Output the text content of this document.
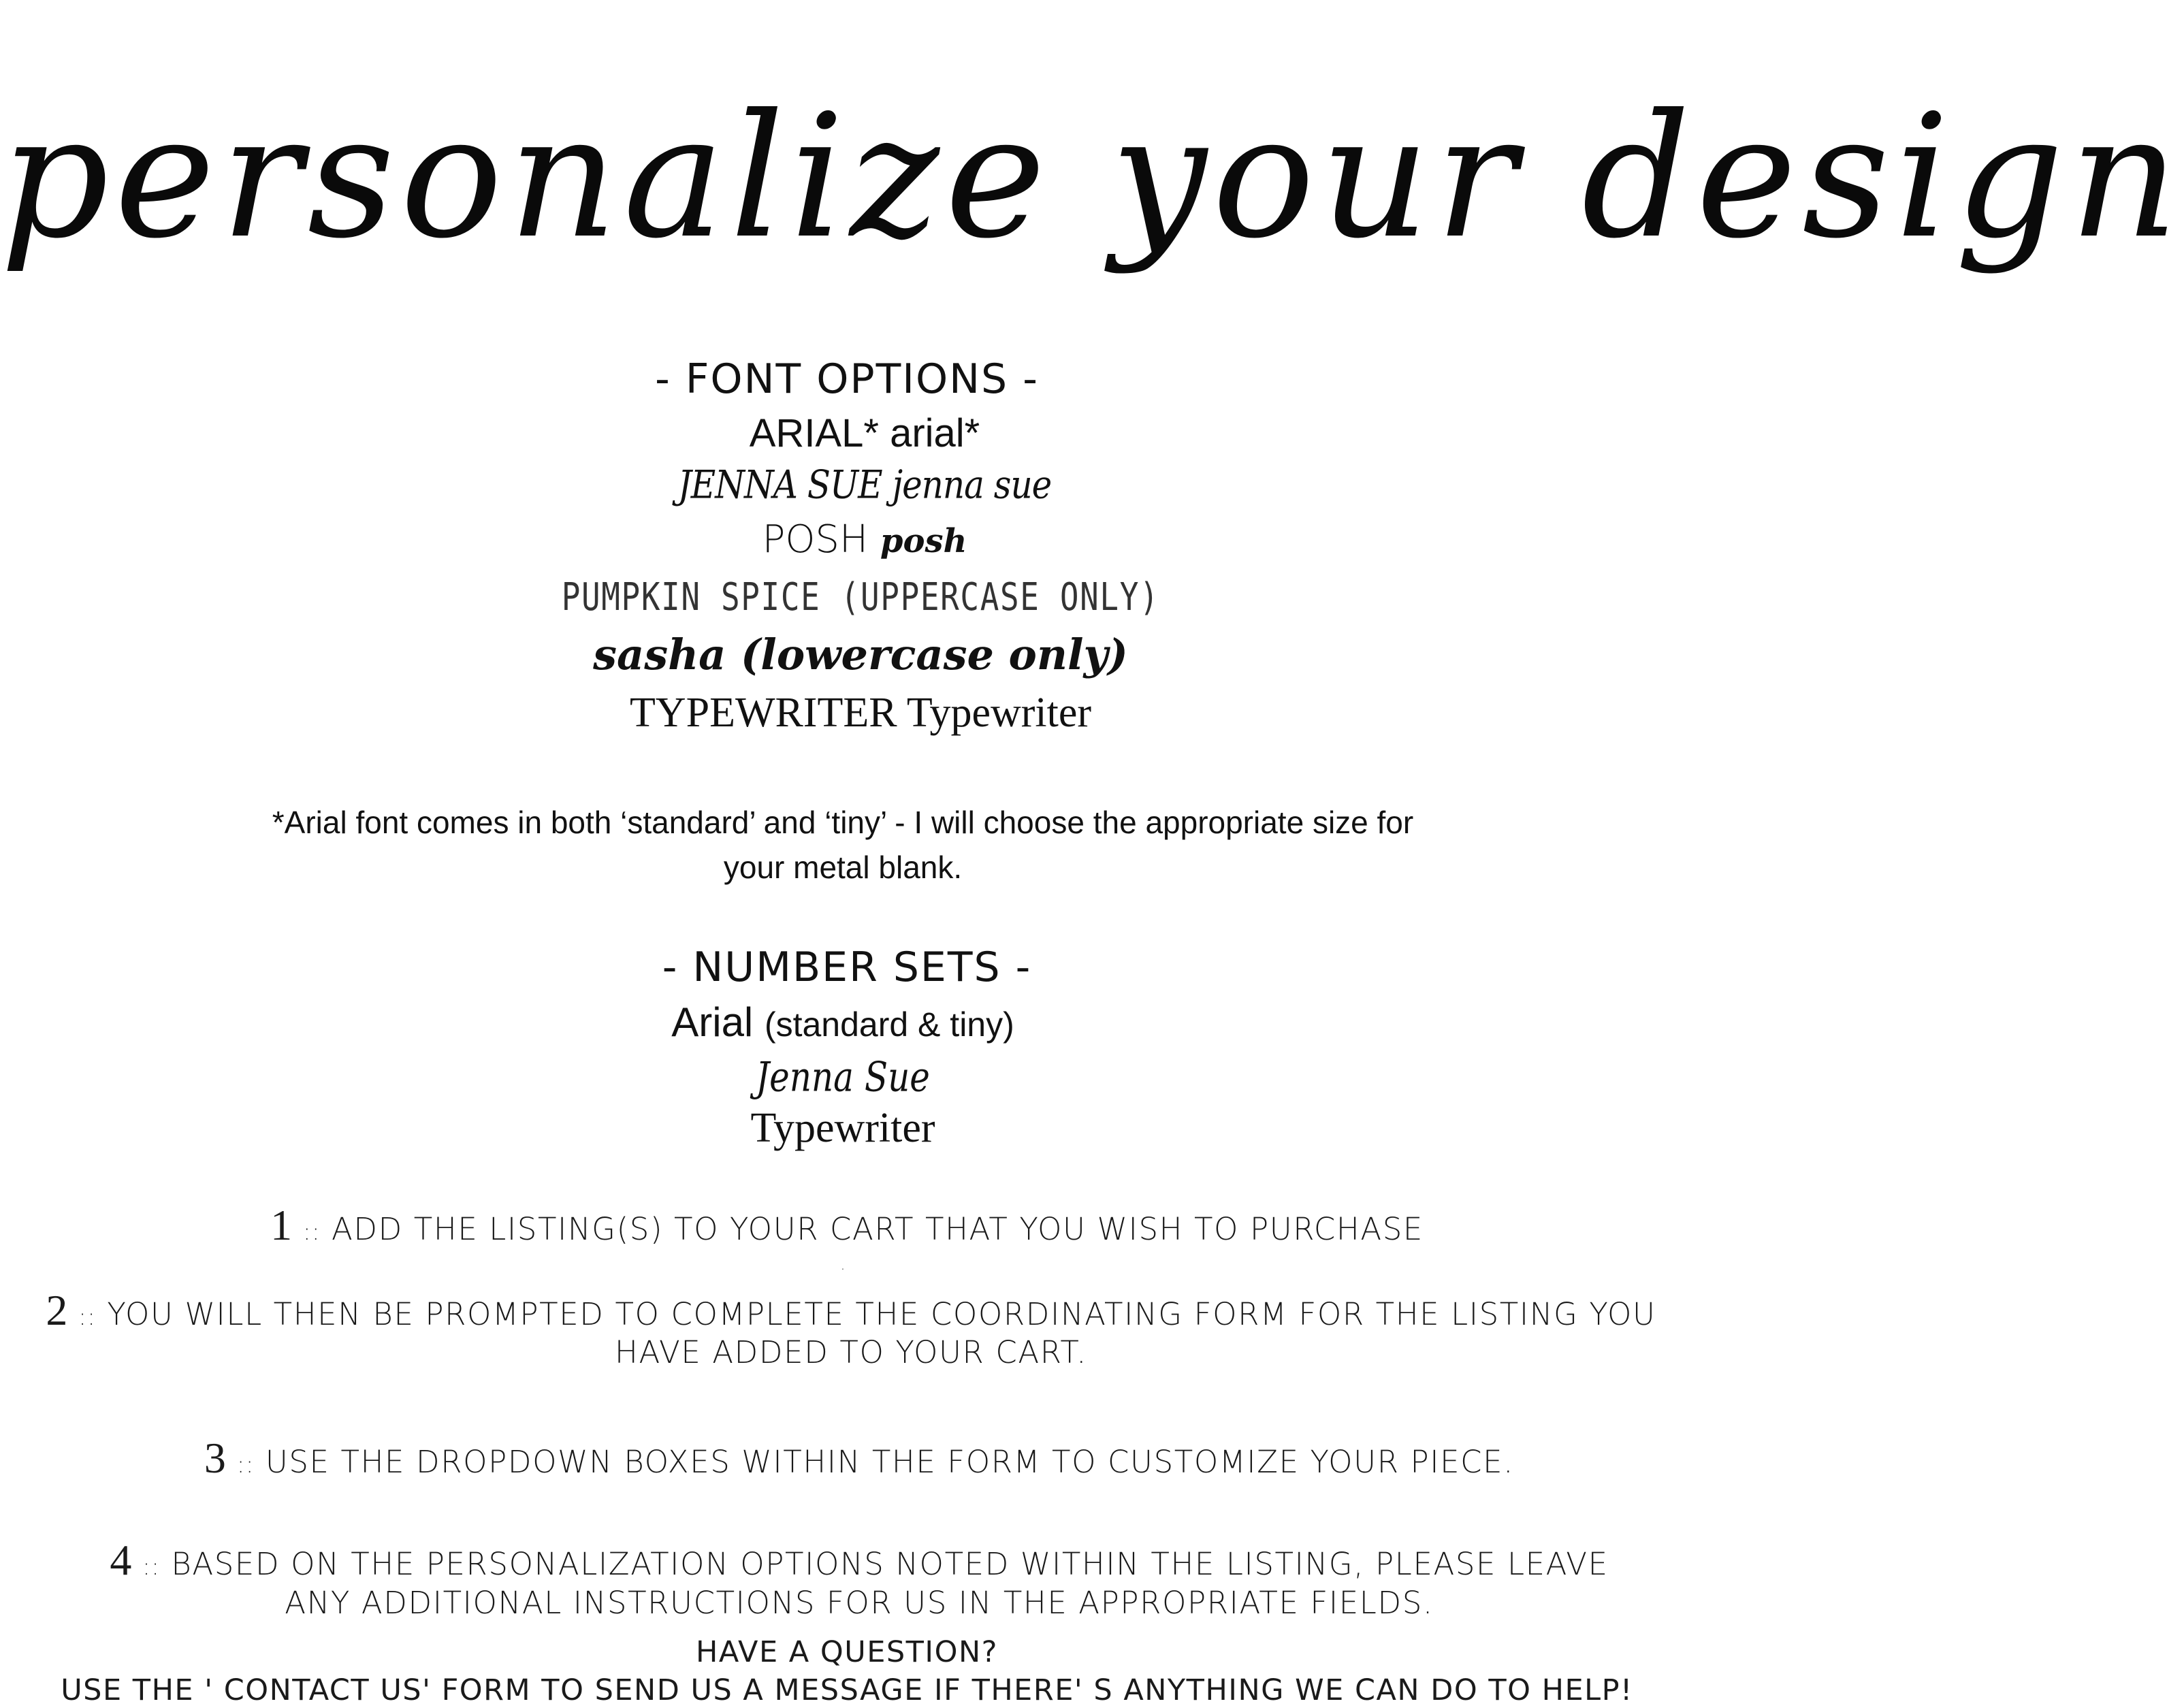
personalize your design
- FONT OPTIONS -
ARIAL* arial*
JENNA SUE jenna sue
POSH posh
PUMPKIN SPICE (UPPERCASE ONLY)
sasha (lowercase only)
TYPEWRITER Typewriter
*Arial font comes in both ‘standard’ and ‘tiny’ - I will choose the appropriate size for
your metal blank.
- NUMBER SETS -
Arial (standard & tiny)
Jenna Sue
Typewriter
1 :: ADD THE LISTING(S) TO YOUR CART THAT YOU WISH TO PURCHASE
.
2 :: YOU WILL THEN BE PROMPTED TO COMPLETE THE COORDINATING FORM FOR THE LISTING YOU
HAVE ADDED TO YOUR CART.
3 :: USE THE DROPDOWN BOXES WITHIN THE FORM TO CUSTOMIZE YOUR PIECE.
4 :: BASED ON THE PERSONALIZATION OPTIONS NOTED WITHIN THE LISTING, PLEASE LEAVE
ANY ADDITIONAL INSTRUCTIONS FOR US IN THE APPROPRIATE FIELDS.
HAVE A QUESTION?
USE THE ' CONTACT US' FORM TO SEND US A MESSAGE IF THERE' S ANYTHING WE CAN DO TO HELP!
